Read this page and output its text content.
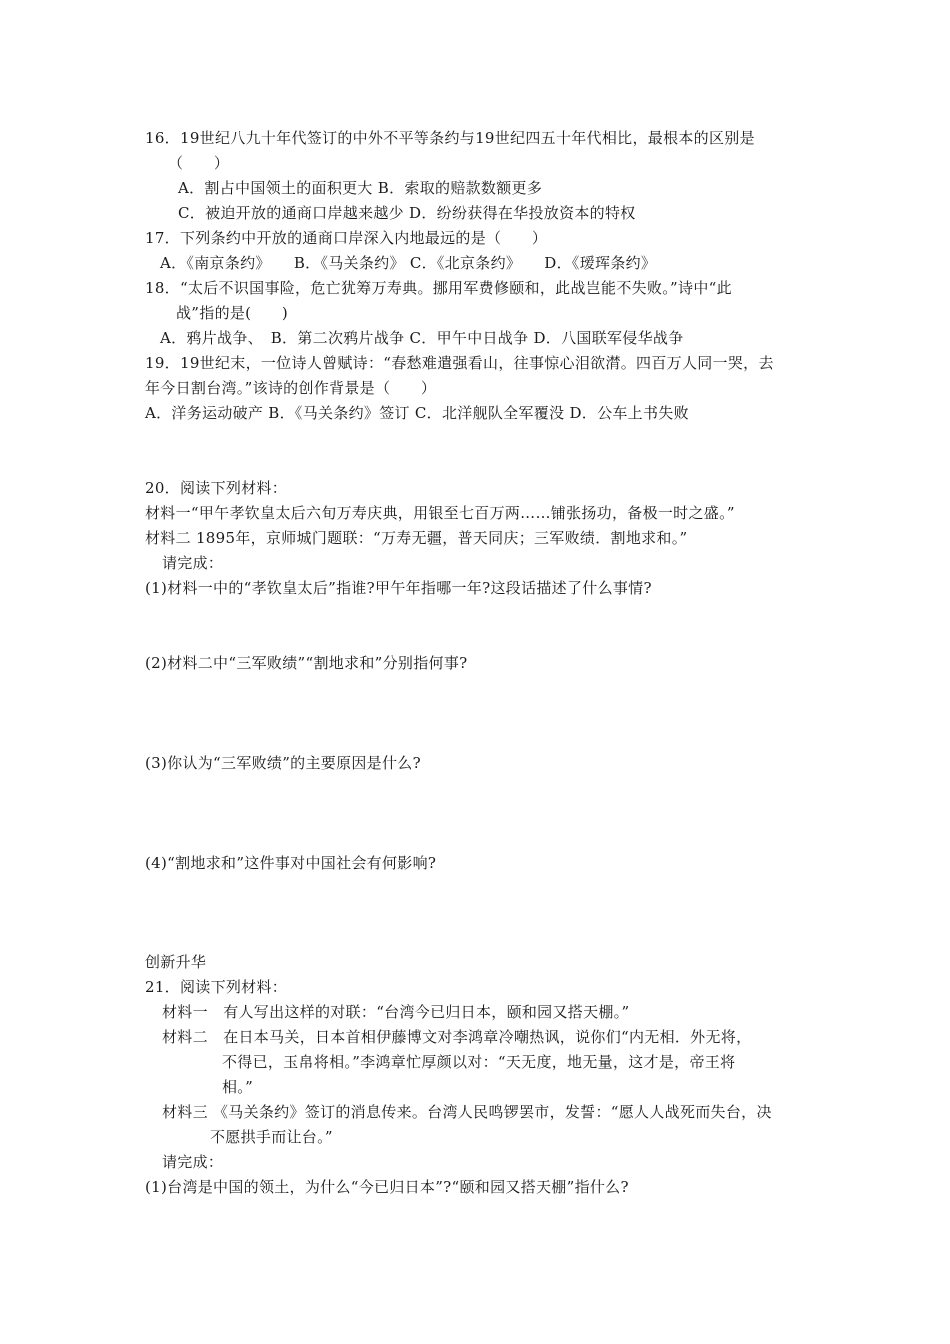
16．19世纪八九十年代签订的中外不平等条约与19世纪四五十年代相比，最根本的区别是
（　　）
A．割占中国领土的面积更大 B．索取的赔款数额更多
C．被迫开放的通商口岸越来越少 D．纷纷获得在华投放资本的特权
17．下列条约中开放的通商口岸深入内地最远的是（　　）
A．《南京条约》　　B．《马关条约》 C．《北京条约》　　D．《瑷珲条约》
18．“太后不识国事险，危亡犹筹万寿典。挪用军费修颐和，此战岂能不失败。”诗中“此
战”指的是(　　)
A．鸦片战争、　B．第二次鸦片战争 C．甲午中日战争 D．八国联军侵华战争
19．19世纪末，一位诗人曾赋诗：“春愁难遣强看山，往事惊心泪欲潸。四百万人同一哭，去
年今日割台湾。”该诗的创作背景是（　　）
A．洋务运动破产 B．《马关条约》签订 C．北洋舰队全军覆没 D．公车上书失败
20．阅读下列材料：
材料一“甲午孝钦皇太后六旬万寿庆典，用银至七百万两……铺张扬功，备极一时之盛。”
材料二 1895年，京师城门题联：“万寿无疆，普天同庆；三军败绩．割地求和。”
请完成：
(1)材料一中的“孝钦皇太后”指谁?甲午年指哪一年?这段话描述了什么事情?
(2)材料二中“三军败绩”“割地求和”分别指何事?
(3)你认为“三军败绩”的主要原因是什么?
(4)“割地求和”这件事对中国社会有何影响?
创新升华
21．阅读下列材料：
材料一　有人写出这样的对联：“台湾今已归日本，颐和园又搭天棚。”
材料二　在日本马关，日本首相伊藤博文对李鸿章冷嘲热讽，说你们“内无相．外无将，
不得已，玉帛将相。”李鸿章忙厚颜以对：“天无度，地无量，这才是，帝王将
相。”
材料三 《马关条约》签订的消息传来。台湾人民鸣锣罢市，发誓：“愿人人战死而失台，决
不愿拱手而让台。”
请完成：
(1)台湾是中国的领土，为什么“今已归日本”?“颐和园又搭天棚”指什么?
